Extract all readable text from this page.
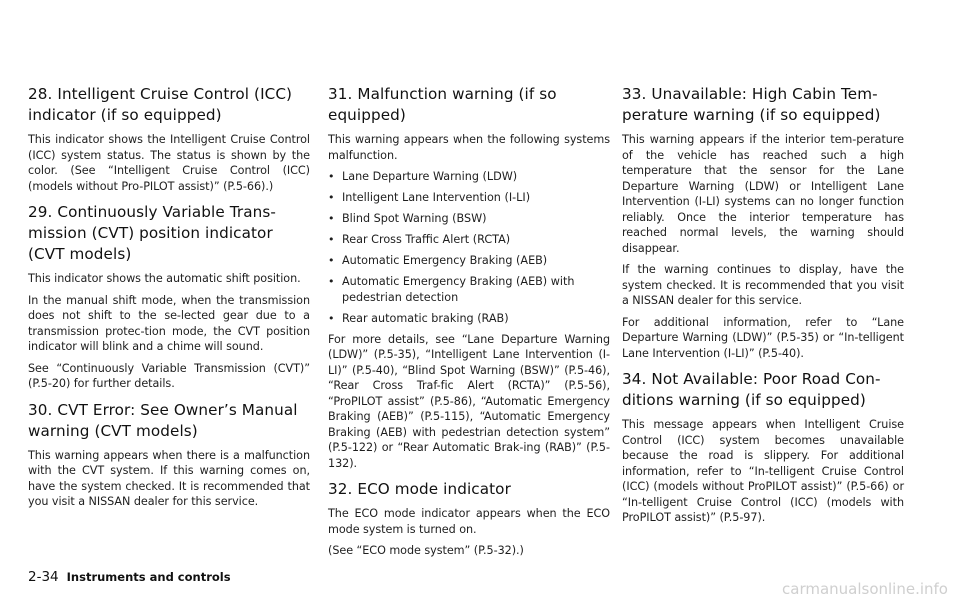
28. Intelligent Cruise Control (ICC) indicator (if so equipped)

This indicator shows the Intelligent Cruise Control (ICC) system status. The status is shown by the color. (See “Intelligent Cruise Control (ICC) (models without Pro-PILOT assist)” (P.5-66).)

29. Continuously Variable Trans-mission (CVT) position indicator (CVT models)

This indicator shows the automatic shift position.

In the manual shift mode, when the transmission does not shift to the se-lected gear due to a transmission protec-tion mode, the CVT position indicator will blink and a chime will sound.

See “Continuously Variable Transmission (CVT)” (P.5-20) for further details.

30. CVT Error: See Owner’s Manual warning (CVT models)

This warning appears when there is a malfunction with the CVT system. If this warning comes on, have the system checked. It is recommended that you visit a NISSAN dealer for this service.

31. Malfunction warning (if so equipped)

This warning appears when the following systems malfunction.

• Lane Departure Warning (LDW)
• Intelligent Lane Intervention (I-LI)
• Blind Spot Warning (BSW)
• Rear Cross Traffic Alert (RCTA)
• Automatic Emergency Braking (AEB)
• Automatic Emergency Braking (AEB) with pedestrian detection
• Rear automatic braking (RAB)

For more details, see “Lane Departure Warning (LDW)” (P.5-35), “Intelligent Lane Intervention (I-LI)” (P.5-40), “Blind Spot Warning (BSW)” (P.5-46), “Rear Cross Traf-fic Alert (RCTA)” (P.5-56), “ProPILOT assist” (P.5-86), “Automatic Emergency Braking (AEB)” (P.5-115), “Automatic Emergency Braking (AEB) with pedestrian detection system” (P.5-122) or “Rear Automatic Brak-ing (RAB)” (P.5-132).

32. ECO mode indicator

The ECO mode indicator appears when the ECO mode system is turned on.

(See “ECO mode system” (P.5-32).)

33. Unavailable: High Cabin Tem-perature warning (if so equipped)

This warning appears if the interior tem-perature of the vehicle has reached such a high temperature that the sensor for the Lane Departure Warning (LDW) or Intelligent Lane Intervention (I-LI) systems can no longer function reliably. Once the interior temperature has reached normal levels, the warning should disappear.

If the warning continues to display, have the system checked. It is recommended that you visit a NISSAN dealer for this service.

For additional information, refer to “Lane Departure Warning (LDW)” (P.5-35) or “In-telligent Lane Intervention (I-LI)” (P.5-40).

34. Not Available: Poor Road Con-ditions warning (if so equipped)

This message appears when Intelligent Cruise Control (ICC) system becomes unavailable because the road is slippery. For additional information, refer to “In-telligent Cruise Control (ICC) (models without ProPILOT assist)” (P.5-66) or “In-telligent Cruise Control (ICC) (models with ProPILOT assist)” (P.5-97).

2-34 Instruments and controls
carmanualsonline.info
